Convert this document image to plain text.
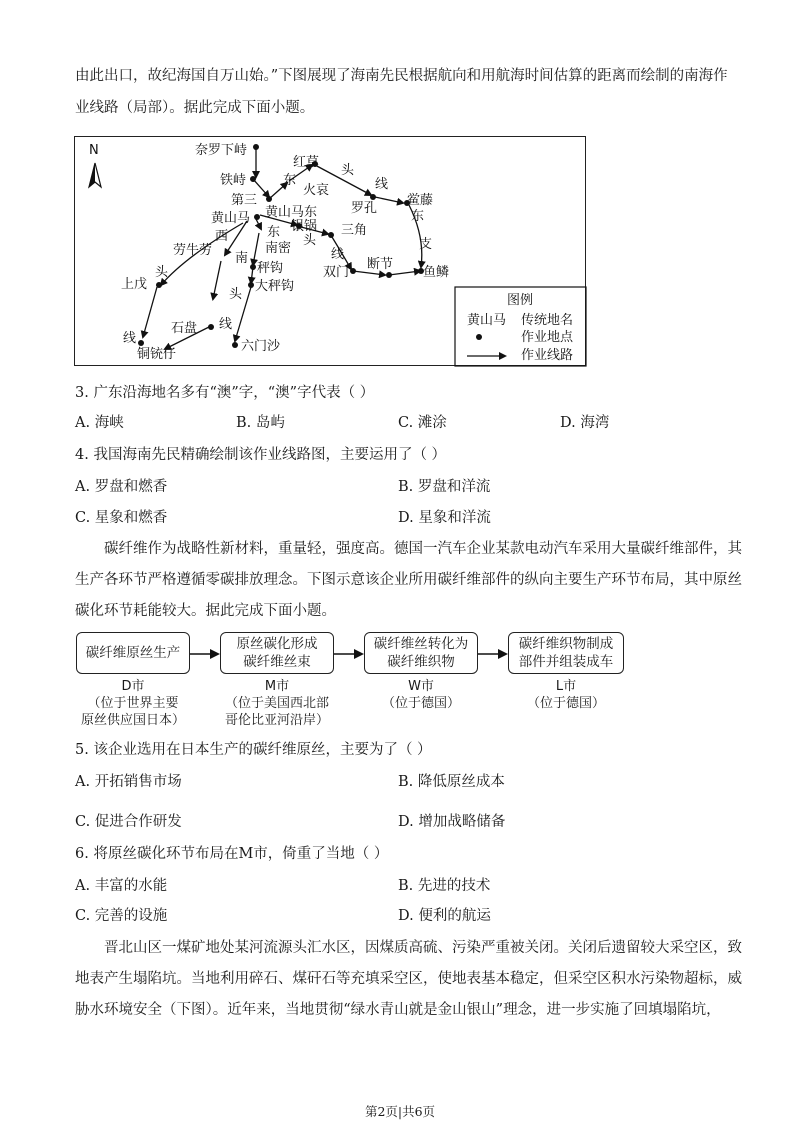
由此出口，故纪海国自万山始。”下图展现了海南先民根据航向和用航海时间估算的距离而绘制的南海作
业线路（局部）。据此完成下面小题。
N	奈罗下峙
铁峙
红草
东
火哀
头
线
罗孔
鲎藤
东
第三
黄山马 黄山马东
银锅
西	东
南密
头
三角
支
劳牛劳
南
秤钩
线
双门
断节
鱼鳞
头
上戊	大秤钩
头
线
石盘
线
铜铳仔
六门沙
图例
黄山马 传统地名
作业地点
作业线路
3. 广东沿海地名多有“澳”字，“澳”字代表（ ）
A. 海峡	B. 岛屿	C. 滩涂	D. 海湾
4. 我国海南先民精确绘制该作业线路图，主要运用了（ ）
A. 罗盘和燃香	B. 罗盘和洋流
C. 星象和燃香	D. 星象和洋流
碳纤维作为战略性新材料，重量轻，强度高。德国一汽车企业某款电动汽车采用大量碳纤维部件，其
生产各环节严格遵循零碳排放理念。下图示意该企业所用碳纤维部件的纵向主要生产环节布局，其中原丝
碳化环节耗能较大。据此完成下面小题。
碳纤维原丝生产
原丝碳化形成
碳纤维丝束
碳纤维丝转化为
碳纤维织物
碳纤维织物制成
部件并组装成车
D市
（位于世界主要
原丝供应国日本）
M市
（位于美国西北部
哥伦比亚河沿岸）
W市
（位于德国）
L市
（位于德国）
5. 该企业选用在日本生产的碳纤维原丝，主要为了（ ）
A. 开拓销售市场	B. 降低原丝成本
C. 促进合作研发	D. 增加战略储备
6. 将原丝碳化环节布局在M市，倚重了当地（ ）
A. 丰富的水能	B. 先进的技术
C. 完善的设施	D. 便利的航运
晋北山区一煤矿地处某河流源头汇水区，因煤质高硫、污染严重被关闭。关闭后遗留较大采空区，致
地表产生塌陷坑。当地利用碎石、煤矸石等充填采空区，使地表基本稳定，但采空区积水污染物超标，威
胁水环境安全（下图）。近年来，当地贯彻“绿水青山就是金山银山”理念，进一步实施了回填塌陷坑，
第2页|共6页
